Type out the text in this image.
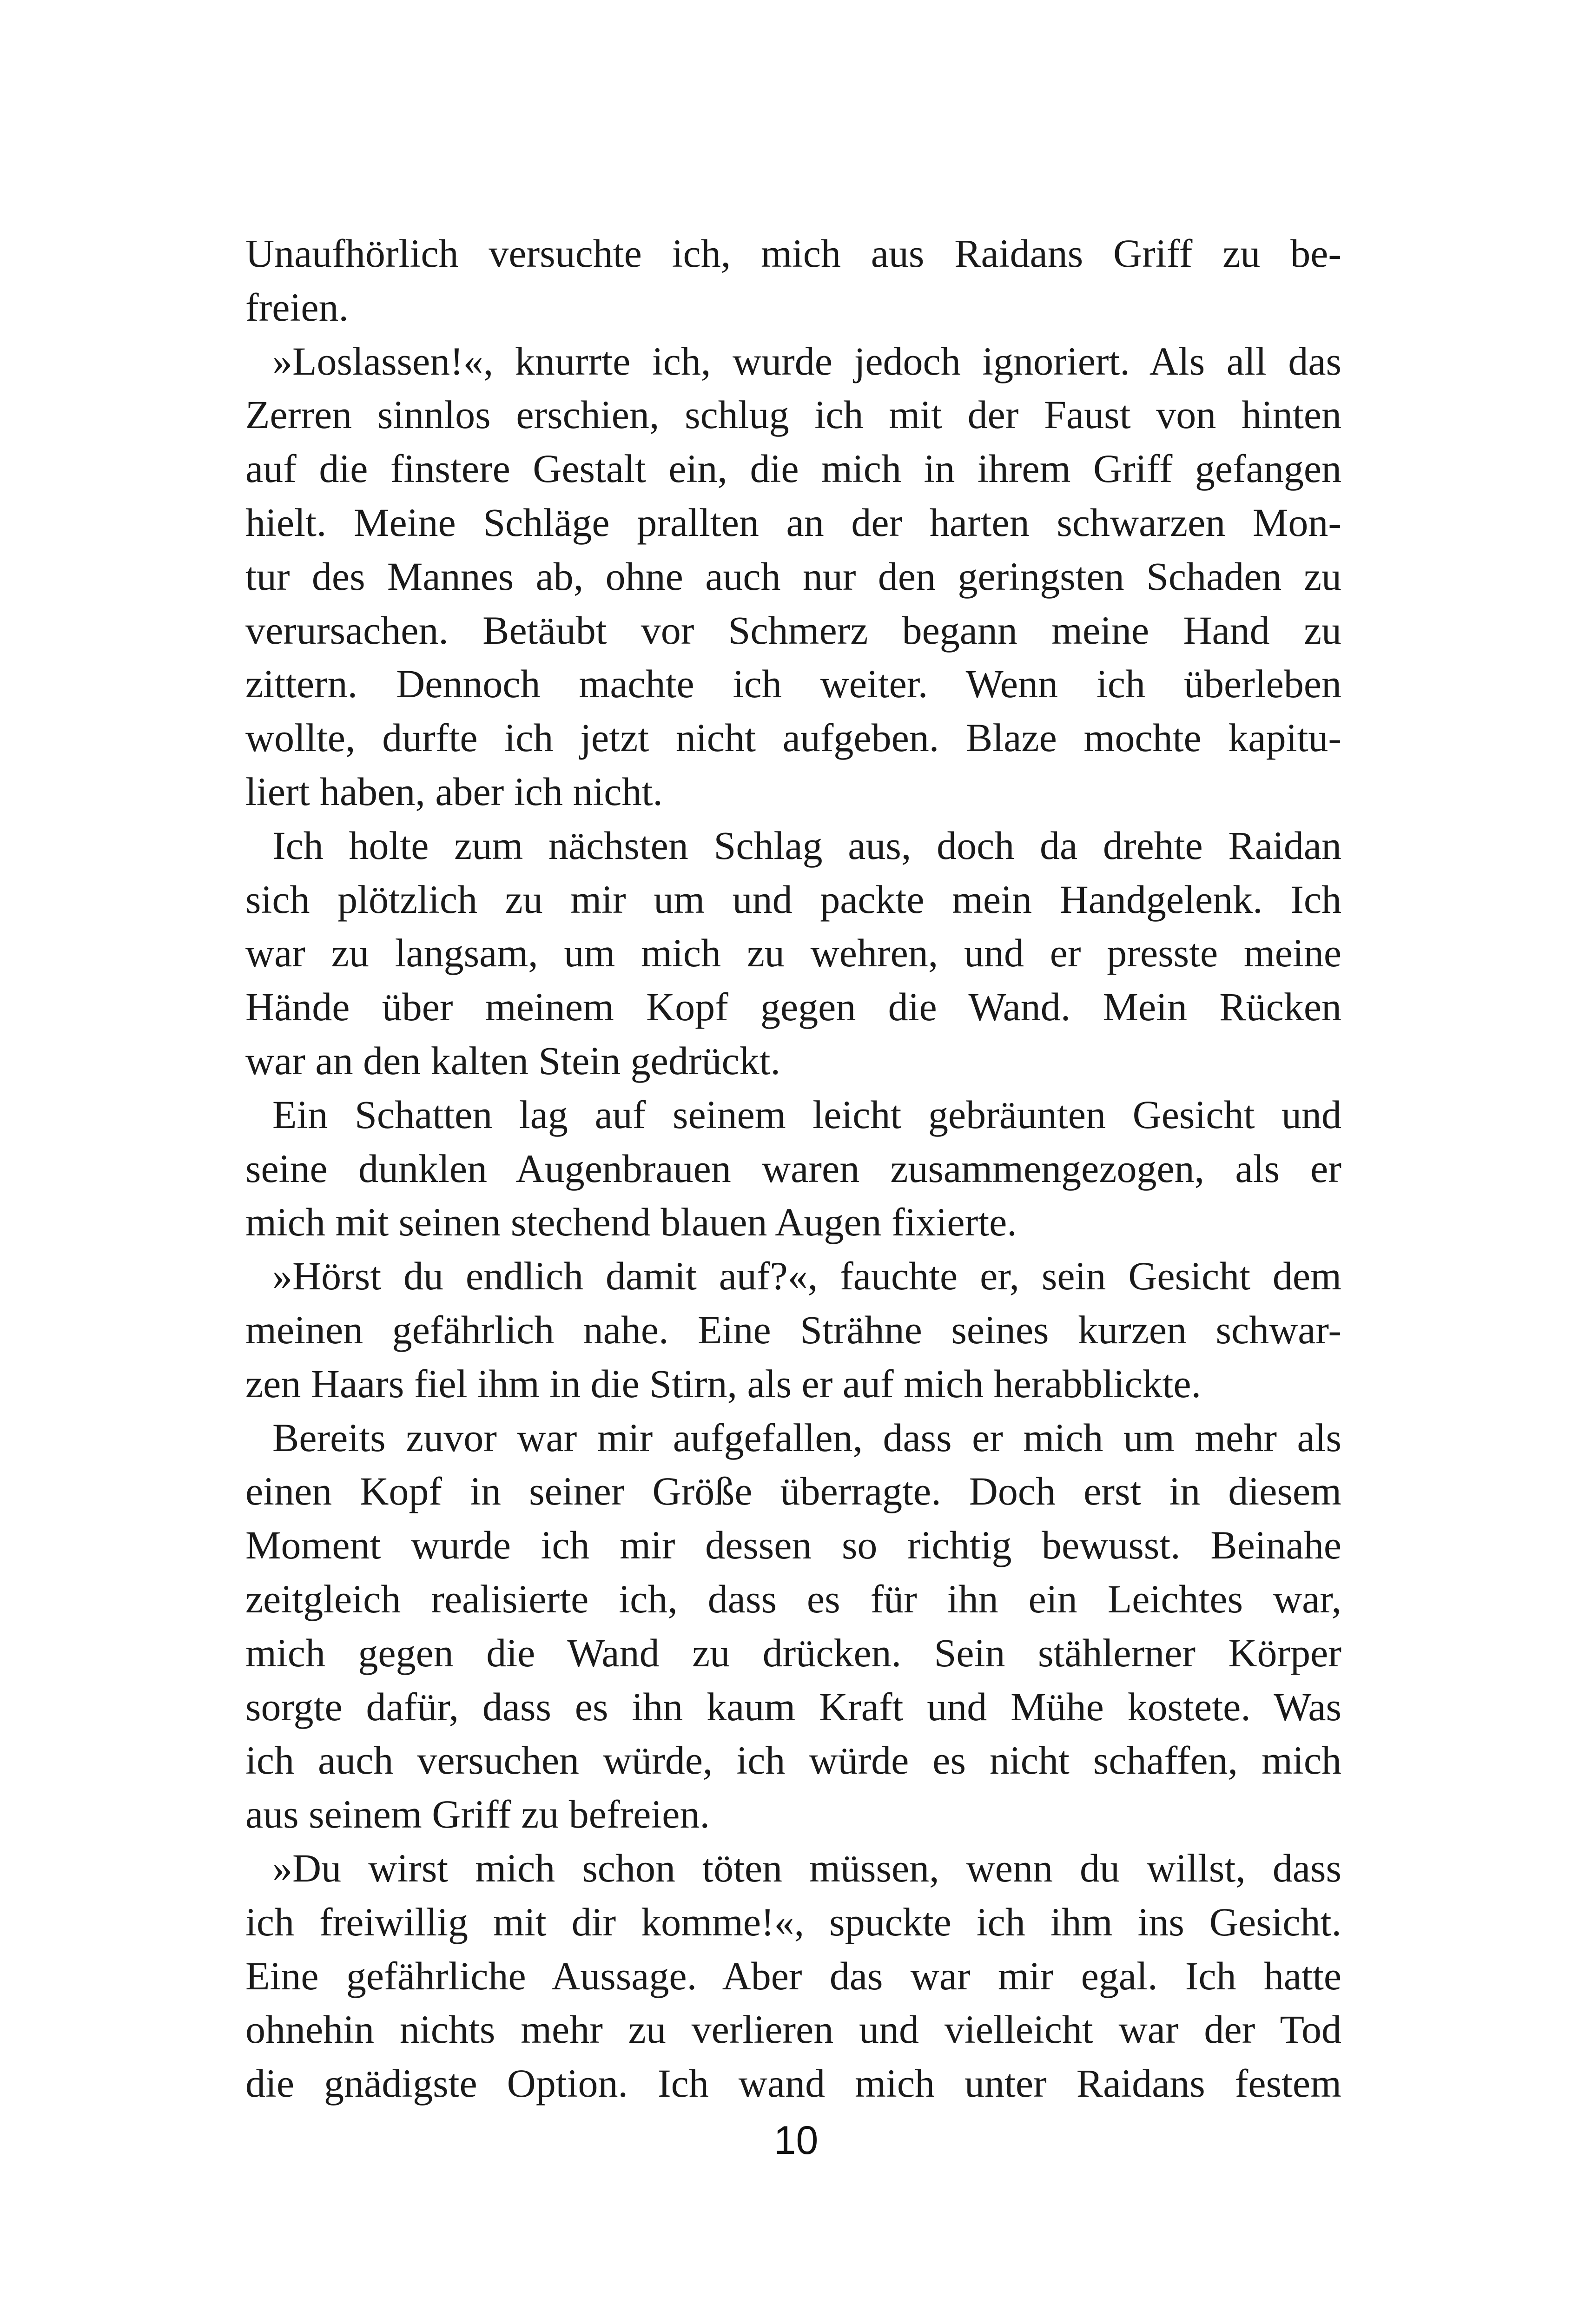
Unaufhörlich versuchte ich, mich aus Raidans Griff zu be-
freien.
»Loslassen!«, knurrte ich, wurde jedoch ignoriert. Als all das
Zerren sinnlos erschien, schlug ich mit der Faust von hinten
auf die finstere Gestalt ein, die mich in ihrem Griff gefangen
hielt. Meine Schläge prallten an der harten schwarzen Mon-
tur des Mannes ab, ohne auch nur den geringsten Schaden zu
verursachen. Betäubt vor Schmerz begann meine Hand zu
zittern. Dennoch machte ich weiter. Wenn ich überleben
wollte, durfte ich jetzt nicht aufgeben. Blaze mochte kapitu-
liert haben, aber ich nicht.
Ich holte zum nächsten Schlag aus, doch da drehte Raidan
sich plötzlich zu mir um und packte mein Handgelenk. Ich
war zu langsam, um mich zu wehren, und er presste meine
Hände über meinem Kopf gegen die Wand. Mein Rücken
war an den kalten Stein gedrückt.
Ein Schatten lag auf seinem leicht gebräunten Gesicht und
seine dunklen Augenbrauen waren zusammengezogen, als er
mich mit seinen stechend blauen Augen fixierte.
»Hörst du endlich damit auf?«, fauchte er, sein Gesicht dem
meinen gefährlich nahe. Eine Strähne seines kurzen schwar-
zen Haars fiel ihm in die Stirn, als er auf mich herabblickte.
Bereits zuvor war mir aufgefallen, dass er mich um mehr als
einen Kopf in seiner Größe überragte. Doch erst in diesem
Moment wurde ich mir dessen so richtig bewusst. Beinahe
zeitgleich realisierte ich, dass es für ihn ein Leichtes war,
mich gegen die Wand zu drücken. Sein stählerner Körper
sorgte dafür, dass es ihn kaum Kraft und Mühe kostete. Was
ich auch versuchen würde, ich würde es nicht schaffen, mich
aus seinem Griff zu befreien.
»Du wirst mich schon töten müssen, wenn du willst, dass
ich freiwillig mit dir komme!«, spuckte ich ihm ins Gesicht.
Eine gefährliche Aussage. Aber das war mir egal. Ich hatte
ohnehin nichts mehr zu verlieren und vielleicht war der Tod
die gnädigste Option. Ich wand mich unter Raidans festem
10
